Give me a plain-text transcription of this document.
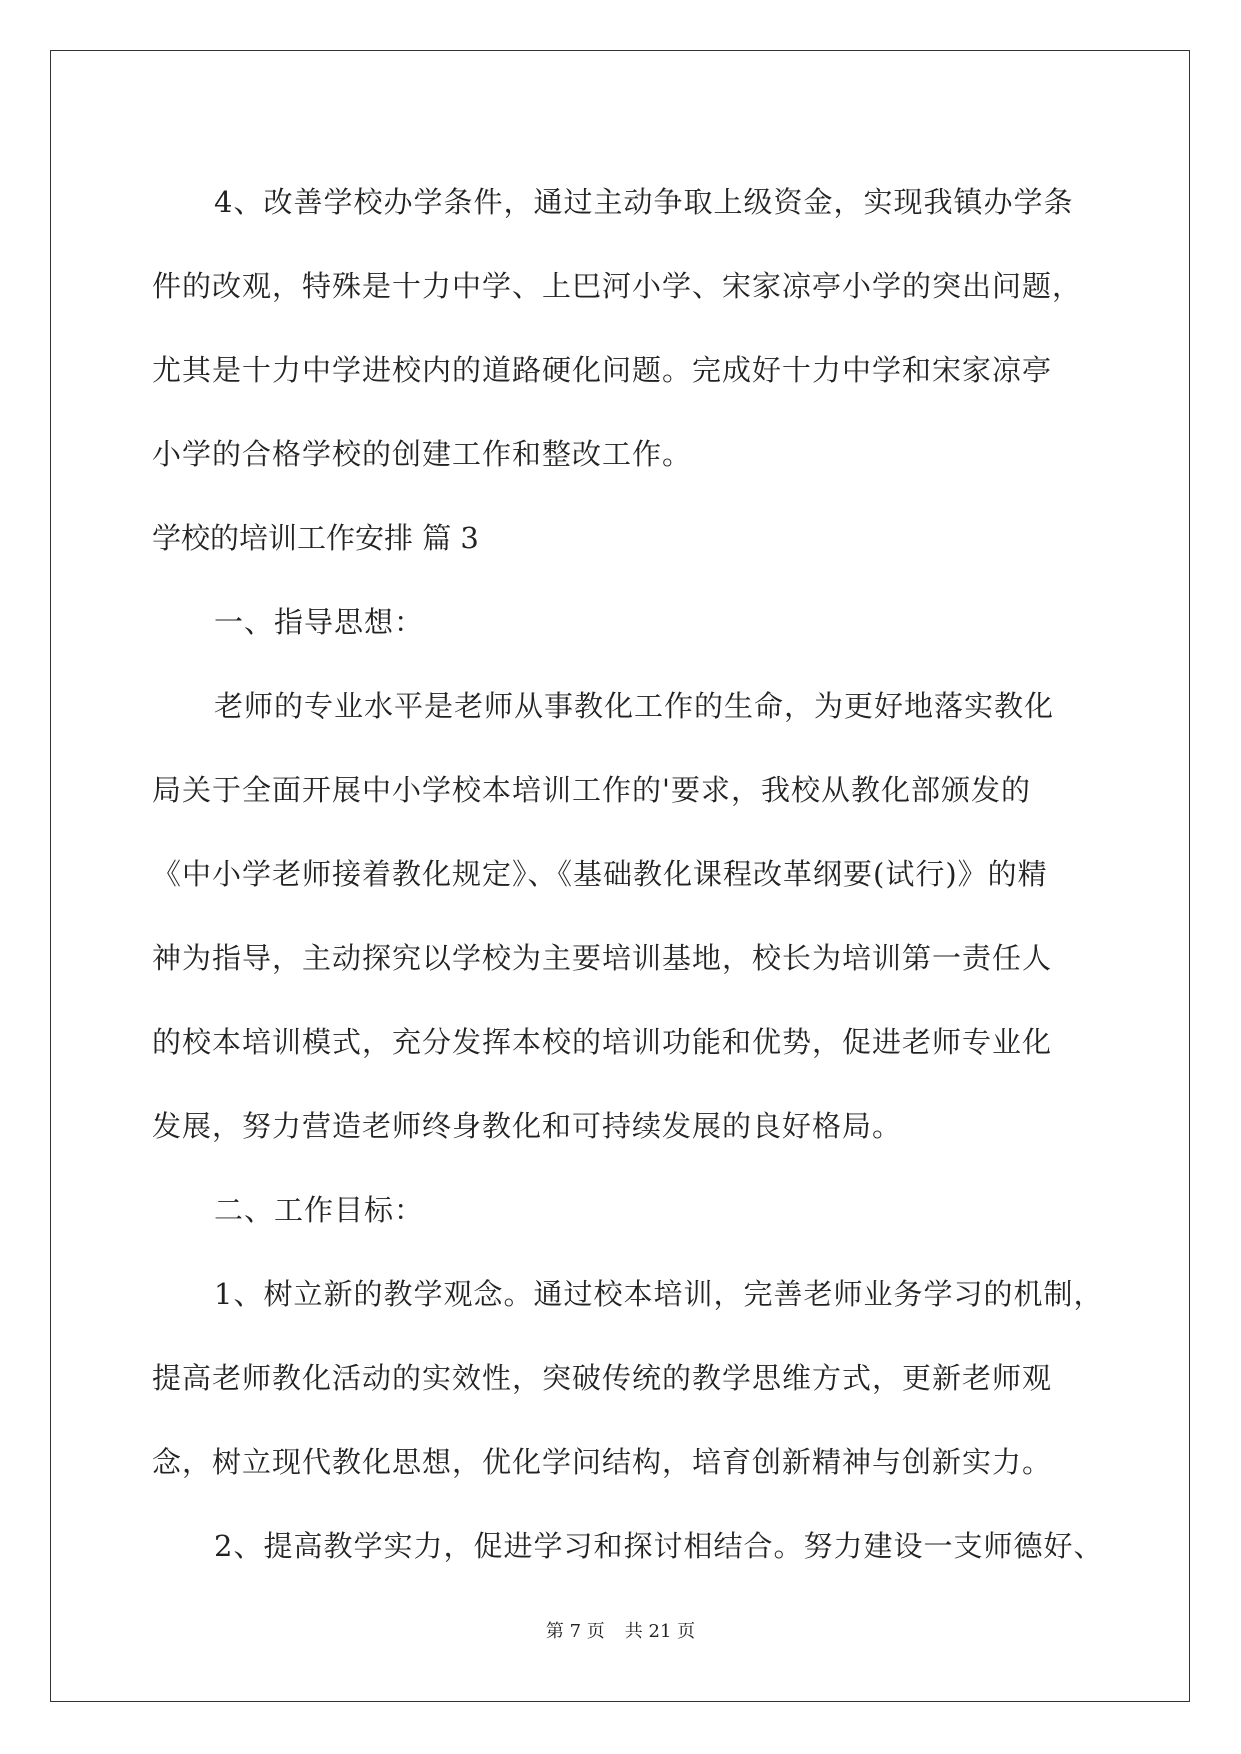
4、改善学校办学条件，通过主动争取上级资金，实现我镇办学条
件的改观，特殊是十力中学、上巴河小学、宋家凉亭小学的突出问题，
尤其是十力中学进校内的道路硬化问题。完成好十力中学和宋家凉亭
小学的合格学校的创建工作和整改工作。
学校的培训工作安排 篇 3
一、指导思想：
老师的专业水平是老师从事教化工作的生命，为更好地落实教化
局关于全面开展中小学校本培训工作的'要求，我校从教化部颁发的
《中小学老师接着教化规定》、《基础教化课程改革纲要(试行)》的精
神为指导，主动探究以学校为主要培训基地，校长为培训第一责任人
的校本培训模式，充分发挥本校的培训功能和优势，促进老师专业化
发展，努力营造老师终身教化和可持续发展的良好格局。
二、工作目标：
1、树立新的教学观念。通过校本培训，完善老师业务学习的机制，
提高老师教化活动的实效性，突破传统的教学思维方式，更新老师观
念，树立现代教化思想，优化学问结构，培育创新精神与创新实力。
2、提高教学实力，促进学习和探讨相结合。努力建设一支师德好、
第 7 页 共 21 页
